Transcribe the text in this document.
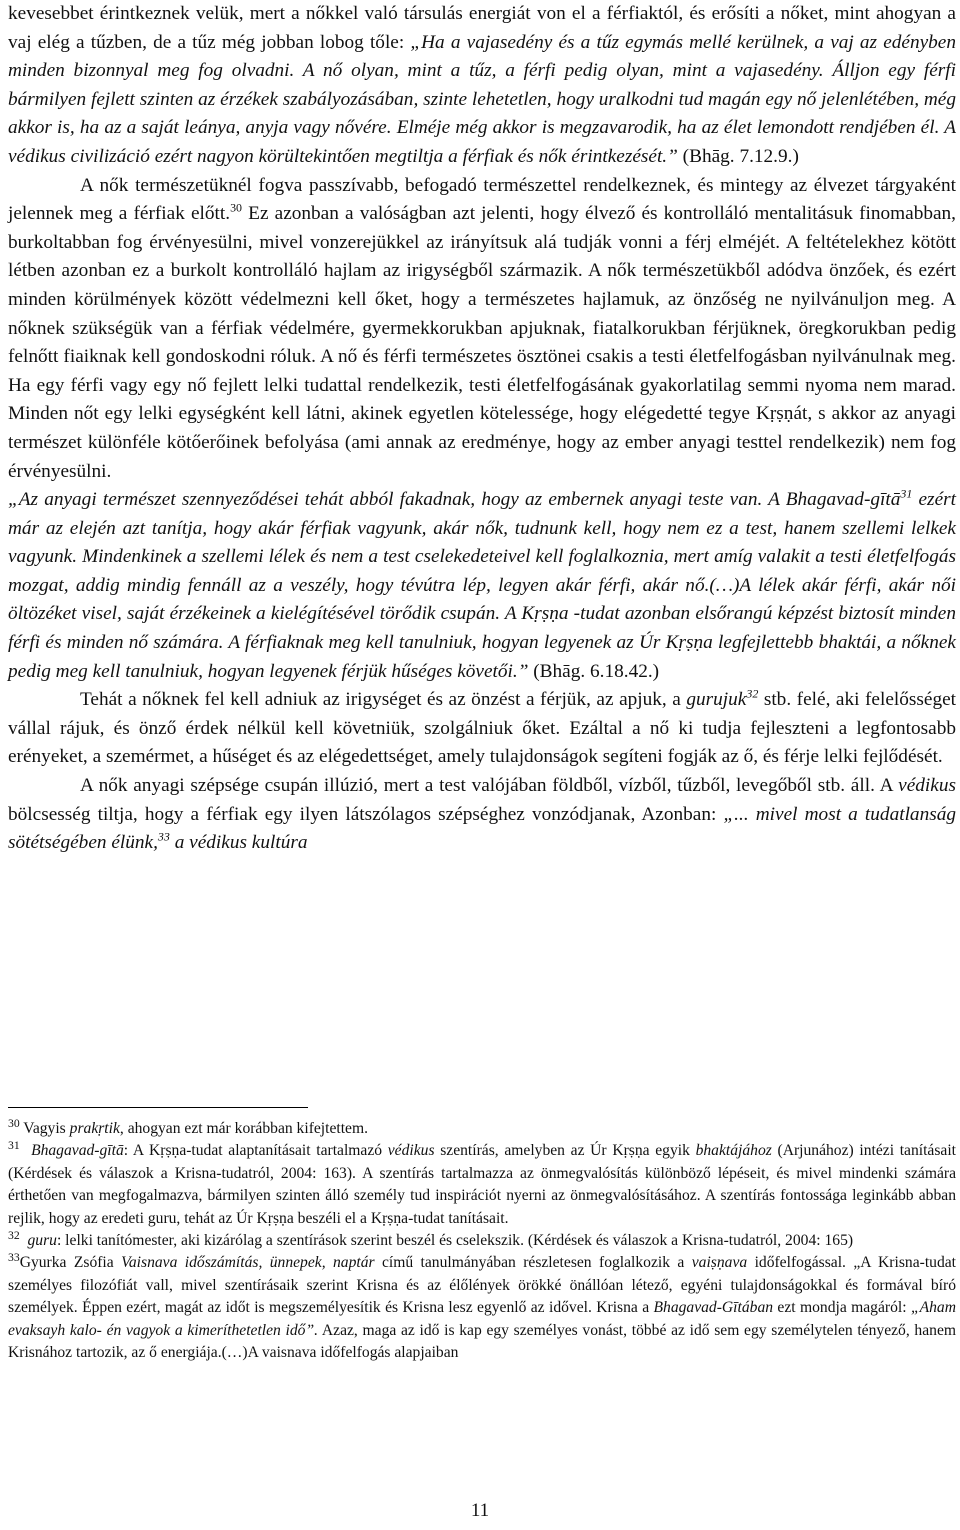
kevesebbet érintkeznek velük, mert a nőkkel való társulás energiát von el a férfiaktól, és erősíti a nőket, mint ahogyan a vaj elég a tűzben, de a tűz még jobban lobog tőle: „Ha a vajasedény és a tűz egymás mellé kerülnek, a vaj az edényben minden bizonnyal meg fog olvadni. A nő olyan, mint a tűz, a férfi pedig olyan, mint a vajasedény. Álljon egy férfi bármilyen fejlett szinten az érzékek szabályozásában, szinte lehetetlen, hogy uralkodni tud magán egy nő jelenlétében, még akkor is, ha az a saját leánya, anyja vagy nővére. Elméje még akkor is megzavarodik, ha az élet lemondott rendjében él. A védikus civilizáció ezért nagyon körültekintően megtiltja a férfiak és nők érintkezését.” (Bhāg. 7.12.9.)

A nők természetüknél fogva passzívabb, befogadó természettel rendelkeznek, és mintegy az élvezet tárgyaként jelennek meg a férfiak előtt.$^{30}$ Ez azonban a valóságban azt jelenti, hogy élvező és kontrolláló mentalitásuk finomabban, burkoltabban fog érvényesülni, mivel vonzerejükkel az irányítsuk alá tudják vonni a férj elméjét. A feltételekhez kötött létben azonban ez a burkolt kontrolláló hajlam az irigységből származik. A nők természetükből adódva önzőek, és ezért minden körülmények között védelmezni kell őket, hogy a természetes hajlamuk, az önzőség ne nyilvánuljon meg. A nőknek szükségük van a férfiak védelmére, gyermekkorukban apjuknak, fiatalkorukban férjüknek, öregkorukban pedig felnőtt fiaiknak kell gondoskodni róluk. A nő és férfi természetes ösztönei csakis a testi életfelfogásban nyilvánulnak meg. Ha egy férfi vagy egy nő fejlett lelki tudattal rendelkezik, testi életfelfogásának gyakorlatilag semmi nyoma nem marad. Minden nőt egy lelki egységként kell látni, akinek egyetlen kötelessége, hogy elégedetté tegye Kṛṣṇát, s akkor az anyagi természet különféle kötőerőinek befolyása (ami annak az eredménye, hogy az ember anyagi testtel rendelkezik) nem fog érvényesülni.

„Az anyagi természet szennyeződései tehát abból fakadnak, hogy az embernek anyagi teste van. A Bhagavad-gītā$^{31}$ ezért már az elején azt tanítja, hogy akár férfiak vagyunk, akár nők, tudnunk kell, hogy nem ez a test, hanem szellemi lelkek vagyunk. Mindenkinek a szellemi lélek és nem a test cselekedeteivel kell foglalkoznia, mert amíg valakit a testi életfelfogás mozgat, addig mindig fennáll az a veszély, hogy tévútra lép, legyen akár férfi, akár nő.(…)A lélek akár férfi, akár női öltözéket visel, saját érzékeinek a kielégítésével törődik csupán. A Kṛṣṇa -tudat azonban elsőrangú képzést biztosít minden férfi és minden nő számára. A férfiaknak meg kell tanulniuk, hogyan legyenek az Úr Kṛṣṇa legfejlettebb bhaktái, a nőknek pedig meg kell tanulniuk, hogyan legyenek férjük hűséges követői.” (Bhāg. 6.18.42.)

Tehát a nőknek fel kell adniuk az irigységet és az önzést a férjük, az apjuk, a gurujuk$^{32}$ stb. felé, aki felelősséget vállal rájuk, és önző érdek nélkül kell követniük, szolgálniuk őket. Ezáltal a nő ki tudja fejleszteni a legfontosabb erényeket, a szemérmet, a hűséget és az elégedettséget, amely tulajdonságok segíteni fogják az ő, és férje lelki fejlődését.

A nők anyagi szépsége csupán illúzió, mert a test valójában földből, vízből, tűzből, levegőből stb. áll. A védikus bölcsesség tiltja, hogy a férfiak egy ilyen látszólagos szépséghez vonzódjanak, Azonban: „... mivel most a tudatlanság sötétségében élünk,$^{33}$ a védikus kultúra

$^{30}$ Vagyis prakṛtik, ahogyan ezt már korábban kifejtettem.

$^{31}$ Bhagavad-gītā: A Kṛṣṇa-tudat alaptanításait tartalmazó védikus szentírás, amelyben az Úr Kṛṣṇa egyik bhaktájához (Arjunához) intézi tanításait (Kérdések és válaszok a Krisna-tudatról, 2004: 163). A szentírás tartalmazza az önmegvalósítás különböző lépéseit, és mivel mindenki számára érthetően van megfogalmazva, bármilyen szinten álló személy tud inspirációt nyerni az önmegvalósításához. A szentírás fontossága leginkább abban rejlik, hogy az eredeti guru, tehát az Úr Kṛṣṇa beszéli el a Kṛṣṇa-tudat tanításait.

$^{32}$ guru: lelki tanítómester, aki kizárólag a szentírások szerint beszél és cselekszik. (Kérdések és válaszok a Krisna-tudatról, 2004: 165)

$^{33}$Gyurka Zsófia Vaisnava időszámítás, ünnepek, naptár című tanulmányában részletesen foglalkozik a vaiṣṇava időfelfogással. „A Krisna-tudat személyes filozófiát vall, mivel szentírásaik szerint Krisna és az élőlények örökké önállóan létező, egyéni tulajdonságokkal és formával bíró személyek. Éppen ezért, magát az időt is megszemélyesítik és Krisna lesz egyenlő az idővel. Krisna a Bhagavad-Gītában ezt mondja magáról: „Aham evaksayh kalo- én vagyok a kimeríthetetlen idő”. Azaz, maga az idő is kap egy személyes vonást, többé az idő sem egy személytelen tényező, hanem Krisnához tartozik, az ő energiája.(…)A vaisnava időfelfogás alapjaiban

11
